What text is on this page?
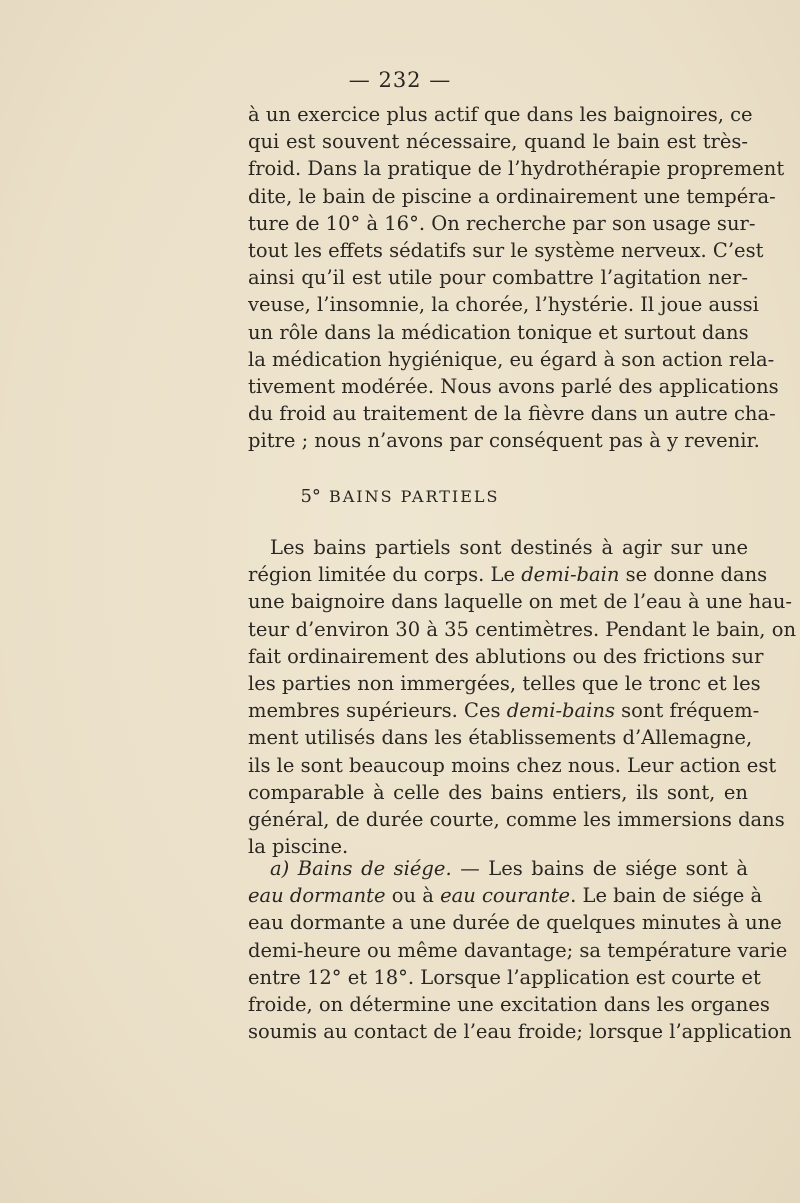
— 232 —
à un exercice plus actif que dans les baignoires, ce
qui est souvent nécessaire, quand le bain est très-
froid. Dans la pratique de l’hydrothérapie proprement
dite, le bain de piscine a ordinairement une tempéra-
ture de 10° à 16°. On recherche par son usage sur-
tout les effets sédatifs sur le système nerveux. C’est
ainsi qu’il est utile pour combattre l’agitation ner-
veuse, l’insomnie, la chorée, l’hystérie. Il joue aussi
un rôle dans la médication tonique et surtout dans
la médication hygiénique, eu égard à son action rela-
tivement modérée. Nous avons parlé des applications
du froid au traitement de la fièvre dans un autre cha-
pitre ; nous n’avons par conséquent pas à y revenir.
5° BAINS PARTIELS
Les bains partiels sont destinés à agir sur une
région limitée du corps. Le demi-bain se donne dans
une baignoire dans laquelle on met de l’eau à une hau-
teur d’environ 30 à 35 centimètres. Pendant le bain, on
fait ordinairement des ablutions ou des frictions sur
les parties non immergées, telles que le tronc et les
membres supérieurs. Ces demi-bains sont fréquem-
ment utilisés dans les établissements d’Allemagne,
ils le sont beaucoup moins chez nous. Leur action est
comparable à celle des bains entiers, ils sont, en
général, de durée courte, comme les immersions dans
la piscine.
a) Bains de siége. — Les bains de siége sont à
eau dormante ou à eau courante. Le bain de siége à
eau dormante a une durée de quelques minutes à une
demi-heure ou même davantage; sa température varie
entre 12° et 18°. Lorsque l’application est courte et
froide, on détermine une excitation dans les organes
soumis au contact de l’eau froide; lorsque l’application
